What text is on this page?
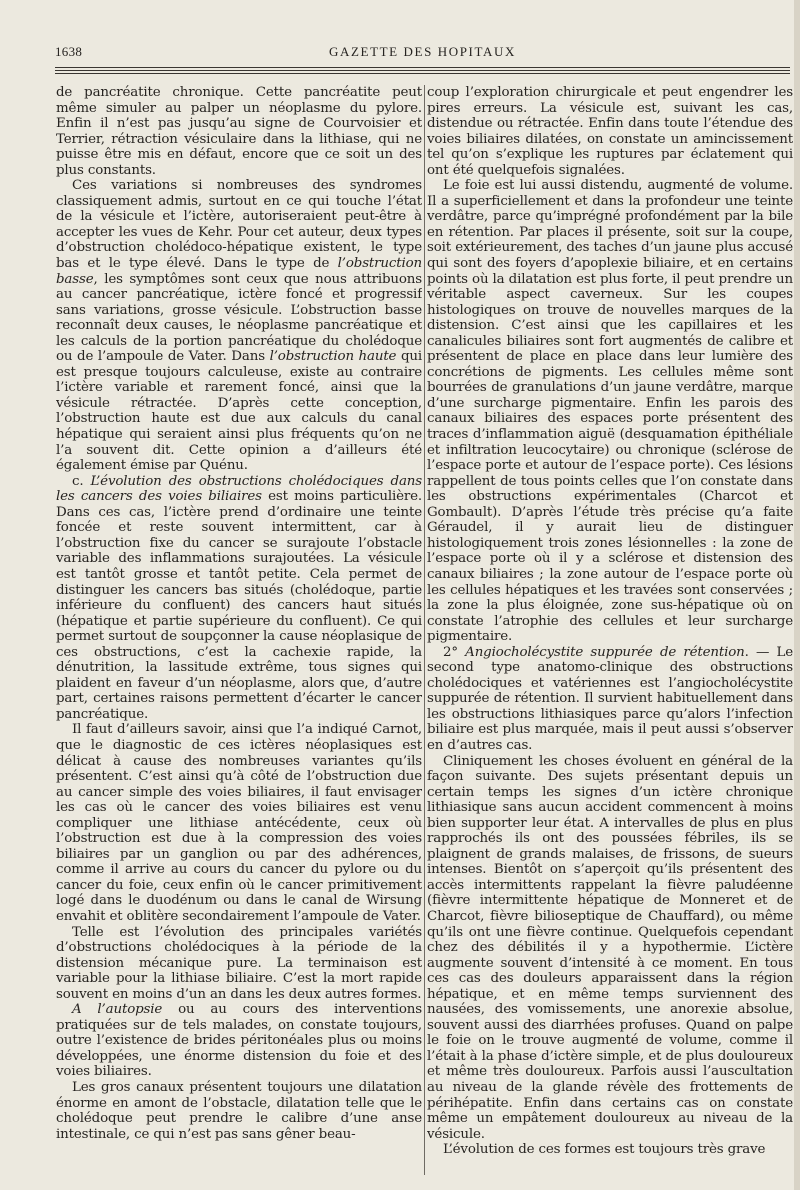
1638	GAZETTE DES HOPITAUX

de pancréatite chronique. Cette pancréatite peut même simuler au palper un néoplasme du pylore. Enfin il n’est pas jusqu’au signe de Courvoisier et Terrier, rétraction vésiculaire dans la lithiase, qui ne puisse être mis en défaut, encore que ce soit un des plus constants.

Ces variations si nombreuses des syndromes classiquement admis, surtout en ce qui touche l’état de la vésicule et l’ictère, autoriseraient peut-être à accepter les vues de Kehr. Pour cet auteur, deux types d’obstruction cholédoco-hépatique existent, le type bas et le type élevé. Dans le type de l’obstruction basse, les symptômes sont ceux que nous attribuons au cancer pancréatique, ictère foncé et progressif sans variations, grosse vésicule. L’obstruction basse reconnaît deux causes, le néoplasme pancréatique et les calculs de la portion pancréatique du cholédoque ou de l’ampoule de Vater. Dans l’obstruction haute qui est presque toujours calculeuse, existe au contraire l’ictère variable et rarement foncé, ainsi que la vésicule rétractée. D’après cette conception, l’obstruction haute est due aux calculs du canal hépatique qui seraient ainsi plus fréquents qu’on ne l’a souvent dit. Cette opinion a d’ailleurs été également émise par Quénu.

c. L’évolution des obstructions cholédociques dans les cancers des voies biliaires est moins particulière. Dans ces cas, l’ictère prend d’ordinaire une teinte foncée et reste souvent intermittent, car à l’obstruction fixe du cancer se surajoute l’obstacle variable des inflammations surajoutées. La vésicule est tantôt grosse et tantôt petite. Cela permet de distinguer les cancers bas situés (cholédoque, partie inférieure du confluent) des cancers haut situés (hépatique et partie supérieure du confluent). Ce qui permet surtout de soupçonner la cause néoplasique de ces obstructions, c’est la cachexie rapide, la dénutrition, la lassitude extrême, tous signes qui plaident en faveur d’un néoplasme, alors que, d’autre part, certaines raisons permettent d’écarter le cancer pancréatique.

Il faut d’ailleurs savoir, ainsi que l’a indiqué Carnot, que le diagnostic de ces ictères néoplasiques est délicat à cause des nombreuses variantes qu’ils présentent. C’est ainsi qu’à côté de l’obstruction due au cancer simple des voies biliaires, il faut envisager les cas où le cancer des voies biliaires est venu compliquer une lithiase antécédente, ceux où l’obstruction est due à la compression des voies biliaires par un ganglion ou par des adhérences, comme il arrive au cours du cancer du pylore ou du cancer du foie, ceux enfin où le cancer primitivement logé dans le duodénum ou dans le canal de Wirsung envahit et oblitère secondairement l’ampoule de Vater.

Telle est l’évolution des principales variétés d’obstructions cholédociques à la période de la distension mécanique pure. La terminaison est variable pour la lithiase biliaire. C’est la mort rapide souvent en moins d’un an dans les deux autres formes.

A l’autopsie ou au cours des interventions pratiquées sur de tels malades, on constate toujours, outre l’existence de brides péritonéales plus ou moins développées, une énorme distension du foie et des voies biliaires.

Les gros canaux présentent toujours une dilatation énorme en amont de l’obstacle, dilatation telle que le cholédoque peut prendre le calibre d’une anse intestinale, ce qui n’est pas sans gêner beau-

coup l’exploration chirurgicale et peut engendrer les pires erreurs. La vésicule est, suivant les cas, distendue ou rétractée. Enfin dans toute l’étendue des voies biliaires dilatées, on constate un amincissement tel qu’on s’explique les ruptures par éclatement qui ont été quelquefois signalées.

Le foie est lui aussi distendu, augmenté de volume. Il a superficiellement et dans la profondeur une teinte verdâtre, parce qu’imprégné profondément par la bile en rétention. Par places il présente, soit sur la coupe, soit extérieurement, des taches d’un jaune plus accusé qui sont des foyers d’apoplexie biliaire, et en certains points où la dilatation est plus forte, il peut prendre un véritable aspect caverneux. Sur les coupes histologiques on trouve de nouvelles marques de la distension. C’est ainsi que les capillaires et les canalicules biliaires sont fort augmentés de calibre et présentent de place en place dans leur lumière des concrétions de pigments. Les cellules même sont bourrées de granulations d’un jaune verdâtre, marque d’une surcharge pigmentaire. Enfin les parois des canaux biliaires des espaces porte présentent des traces d’inflammation aiguë (desquamation épithéliale et infiltration leucocytaire) ou chronique (sclérose de l’espace porte et autour de l’espace porte). Ces lésions rappellent de tous points celles que l’on constate dans les obstructions expérimentales (Charcot et Gombault). D’après l’étude très précise qu’a faite Géraudel, il y aurait lieu de distinguer histologiquement trois zones lésionnelles : la zone de l’espace porte où il y a sclérose et distension des canaux biliaires ; la zone autour de l’espace porte où les cellules hépatiques et les travées sont conservées ; la zone la plus éloignée, zone sus-hépatique où on constate l’atrophie des cellules et leur surcharge pigmentaire.

2° Angiocholécystite suppurée de rétention. — Le second type anatomo-clinique des obstructions cholédociques et vatériennes est l’angiocholécystite suppurée de rétention. Il survient habituellement dans les obstructions lithiasiques parce qu’alors l’infection biliaire est plus marquée, mais il peut aussi s’observer en d’autres cas.

Cliniquement les choses évoluent en général de la façon suivante. Des sujets présentant depuis un certain temps les signes d’un ictère chronique lithiasique sans aucun accident commencent à moins bien supporter leur état. A intervalles de plus en plus rapprochés ils ont des poussées fébriles, ils se plaignent de grands malaises, de frissons, de sueurs intenses. Bientôt on s’aperçoit qu’ils présentent des accès intermittents rappelant la fièvre paludéenne (fièvre intermittente hépatique de Monneret et de Charcot, fièvre bilioseptique de Chauffard), ou même qu’ils ont une fièvre continue. Quelquefois cependant chez des débilités il y a hypothermie. L’ictère augmente souvent d’intensité à ce moment. En tous ces cas des douleurs apparaissent dans la région hépatique, et en même temps surviennent des nausées, des vomissements, une anorexie absolue, souvent aussi des diarrhées profuses. Quand on palpe le foie on le trouve augmenté de volume, comme il l’était à la phase d’ictère simple, et de plus douloureux et même très douloureux. Parfois aussi l’auscultation au niveau de la glande révèle des frottements de périhépatite. Enfin dans certains cas on constate même un empâtement douloureux au niveau de la vésicule.

L’évolution de ces formes est toujours très grave
